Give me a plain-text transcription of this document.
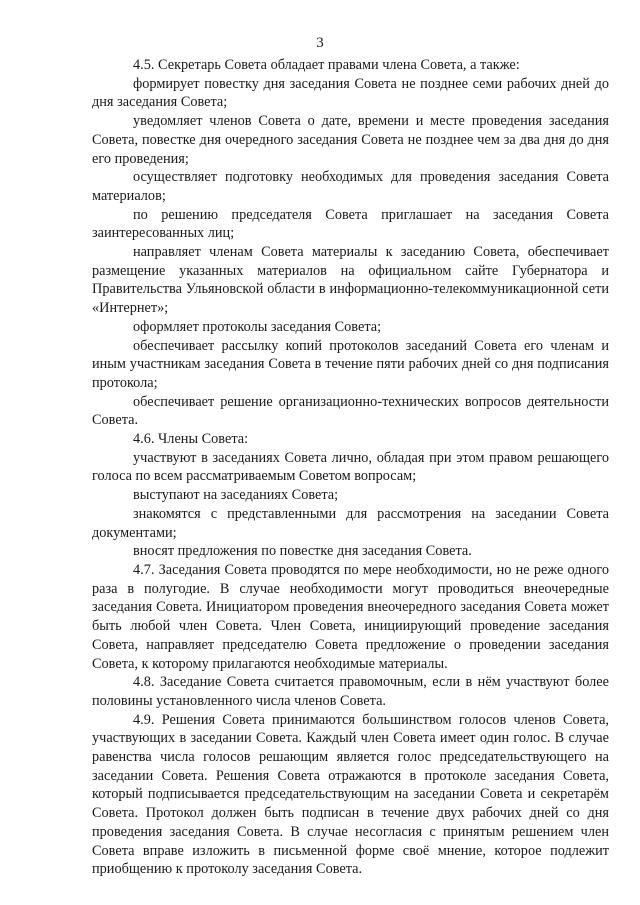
3

4.5. Секретарь Совета обладает правами члена Совета, а также:

формирует повестку дня заседания Совета не позднее семи рабочих дней до дня заседания Совета;

уведомляет членов Совета о дате, времени и месте проведения заседания Совета, повестке дня очередного заседания Совета не позднее чем за два дня до дня его проведения;

осуществляет подготовку необходимых для проведения заседания Совета материалов;

по решению председателя Совета приглашает на заседания Совета заинтересованных лиц;

направляет членам Совета материалы к заседанию Совета, обеспечивает размещение указанных материалов на официальном сайте Губернатора и Правительства Ульяновской области в информационно-телекоммуникационной сети «Интернет»;

оформляет протоколы заседания Совета;

обеспечивает рассылку копий протоколов заседаний Совета его членам и иным участникам заседания Совета в течение пяти рабочих дней со дня подписания протокола;

обеспечивает решение организационно-технических вопросов деятельности Совета.

4.6. Члены Совета:

участвуют в заседаниях Совета лично, обладая при этом правом решающего голоса по всем рассматриваемым Советом вопросам;

выступают на заседаниях Совета;

знакомятся с представленными для рассмотрения на заседании Совета документами;

вносят предложения по повестке дня заседания Совета.

4.7. Заседания Совета проводятся по мере необходимости, но не реже одного раза в полугодие. В случае необходимости могут проводиться внеочередные заседания Совета. Инициатором проведения внеочередного заседания Совета может быть любой член Совета. Член Совета, инициирующий проведение заседания Совета, направляет председателю Совета предложение о проведении заседания Совета, к которому прилагаются необходимые материалы.

4.8. Заседание Совета считается правомочным, если в нём участвуют более половины установленного числа членов Совета.

4.9. Решения Совета принимаются большинством голосов членов Совета, участвующих в заседании Совета. Каждый член Совета имеет один голос. В случае равенства числа голосов решающим является голос председательствующего на заседании Совета. Решения Совета отражаются в протоколе заседания Совета, который подписывается председательствующим на заседании Совета и секретарём Совета. Протокол должен быть подписан в течение двух рабочих дней со дня проведения заседания Совета. В случае несогласия с принятым решением член Совета вправе изложить в письменной форме своё мнение, которое подлежит приобщению к протоколу заседания Совета.
